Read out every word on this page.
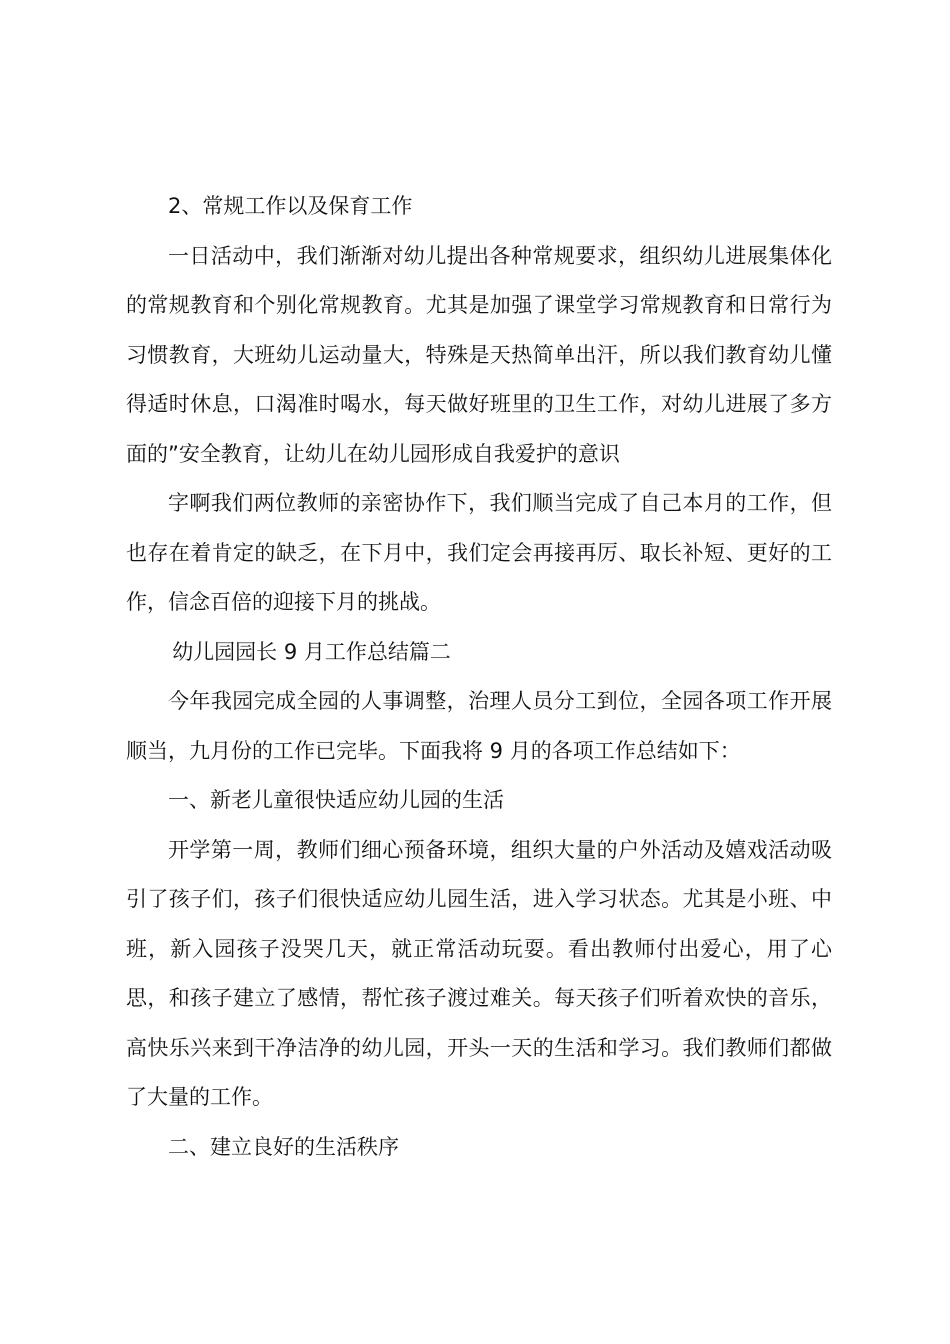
2、常规工作以及保育工作

一日活动中，我们渐渐对幼儿提出各种常规要求，组织幼儿进展集体化的常规教育和个别化常规教育。尤其是加强了课堂学习常规教育和日常行为习惯教育，大班幼儿运动量大，特殊是天热简单出汗，所以我们教育幼儿懂得适时休息，口渴准时喝水，每天做好班里的卫生工作，对幼儿进展了多方面的”安全教育，让幼儿在幼儿园形成自我爱护的意识

字啊我们两位教师的亲密协作下，我们顺当完成了自己本月的工作，但也存在着肯定的缺乏，在下月中，我们定会再接再厉、取长补短、更好的工作，信念百倍的迎接下月的挑战。

幼儿园园长 9 月工作总结篇二

今年我园完成全园的人事调整，治理人员分工到位，全园各项工作开展顺当，九月份的工作已完毕。下面我将 9 月的各项工作总结如下：

一、新老儿童很快适应幼儿园的生活

开学第一周，教师们细心预备环境，组织大量的户外活动及嬉戏活动吸引了孩子们，孩子们很快适应幼儿园生活，进入学习状态。尤其是小班、中班，新入园孩子没哭几天，就正常活动玩耍。看出教师付出爱心，用了心思，和孩子建立了感情，帮忙孩子渡过难关。每天孩子们听着欢快的音乐，高快乐兴来到干净洁净的幼儿园，开头一天的生活和学习。我们教师们都做了大量的工作。

二、建立良好的生活秩序
